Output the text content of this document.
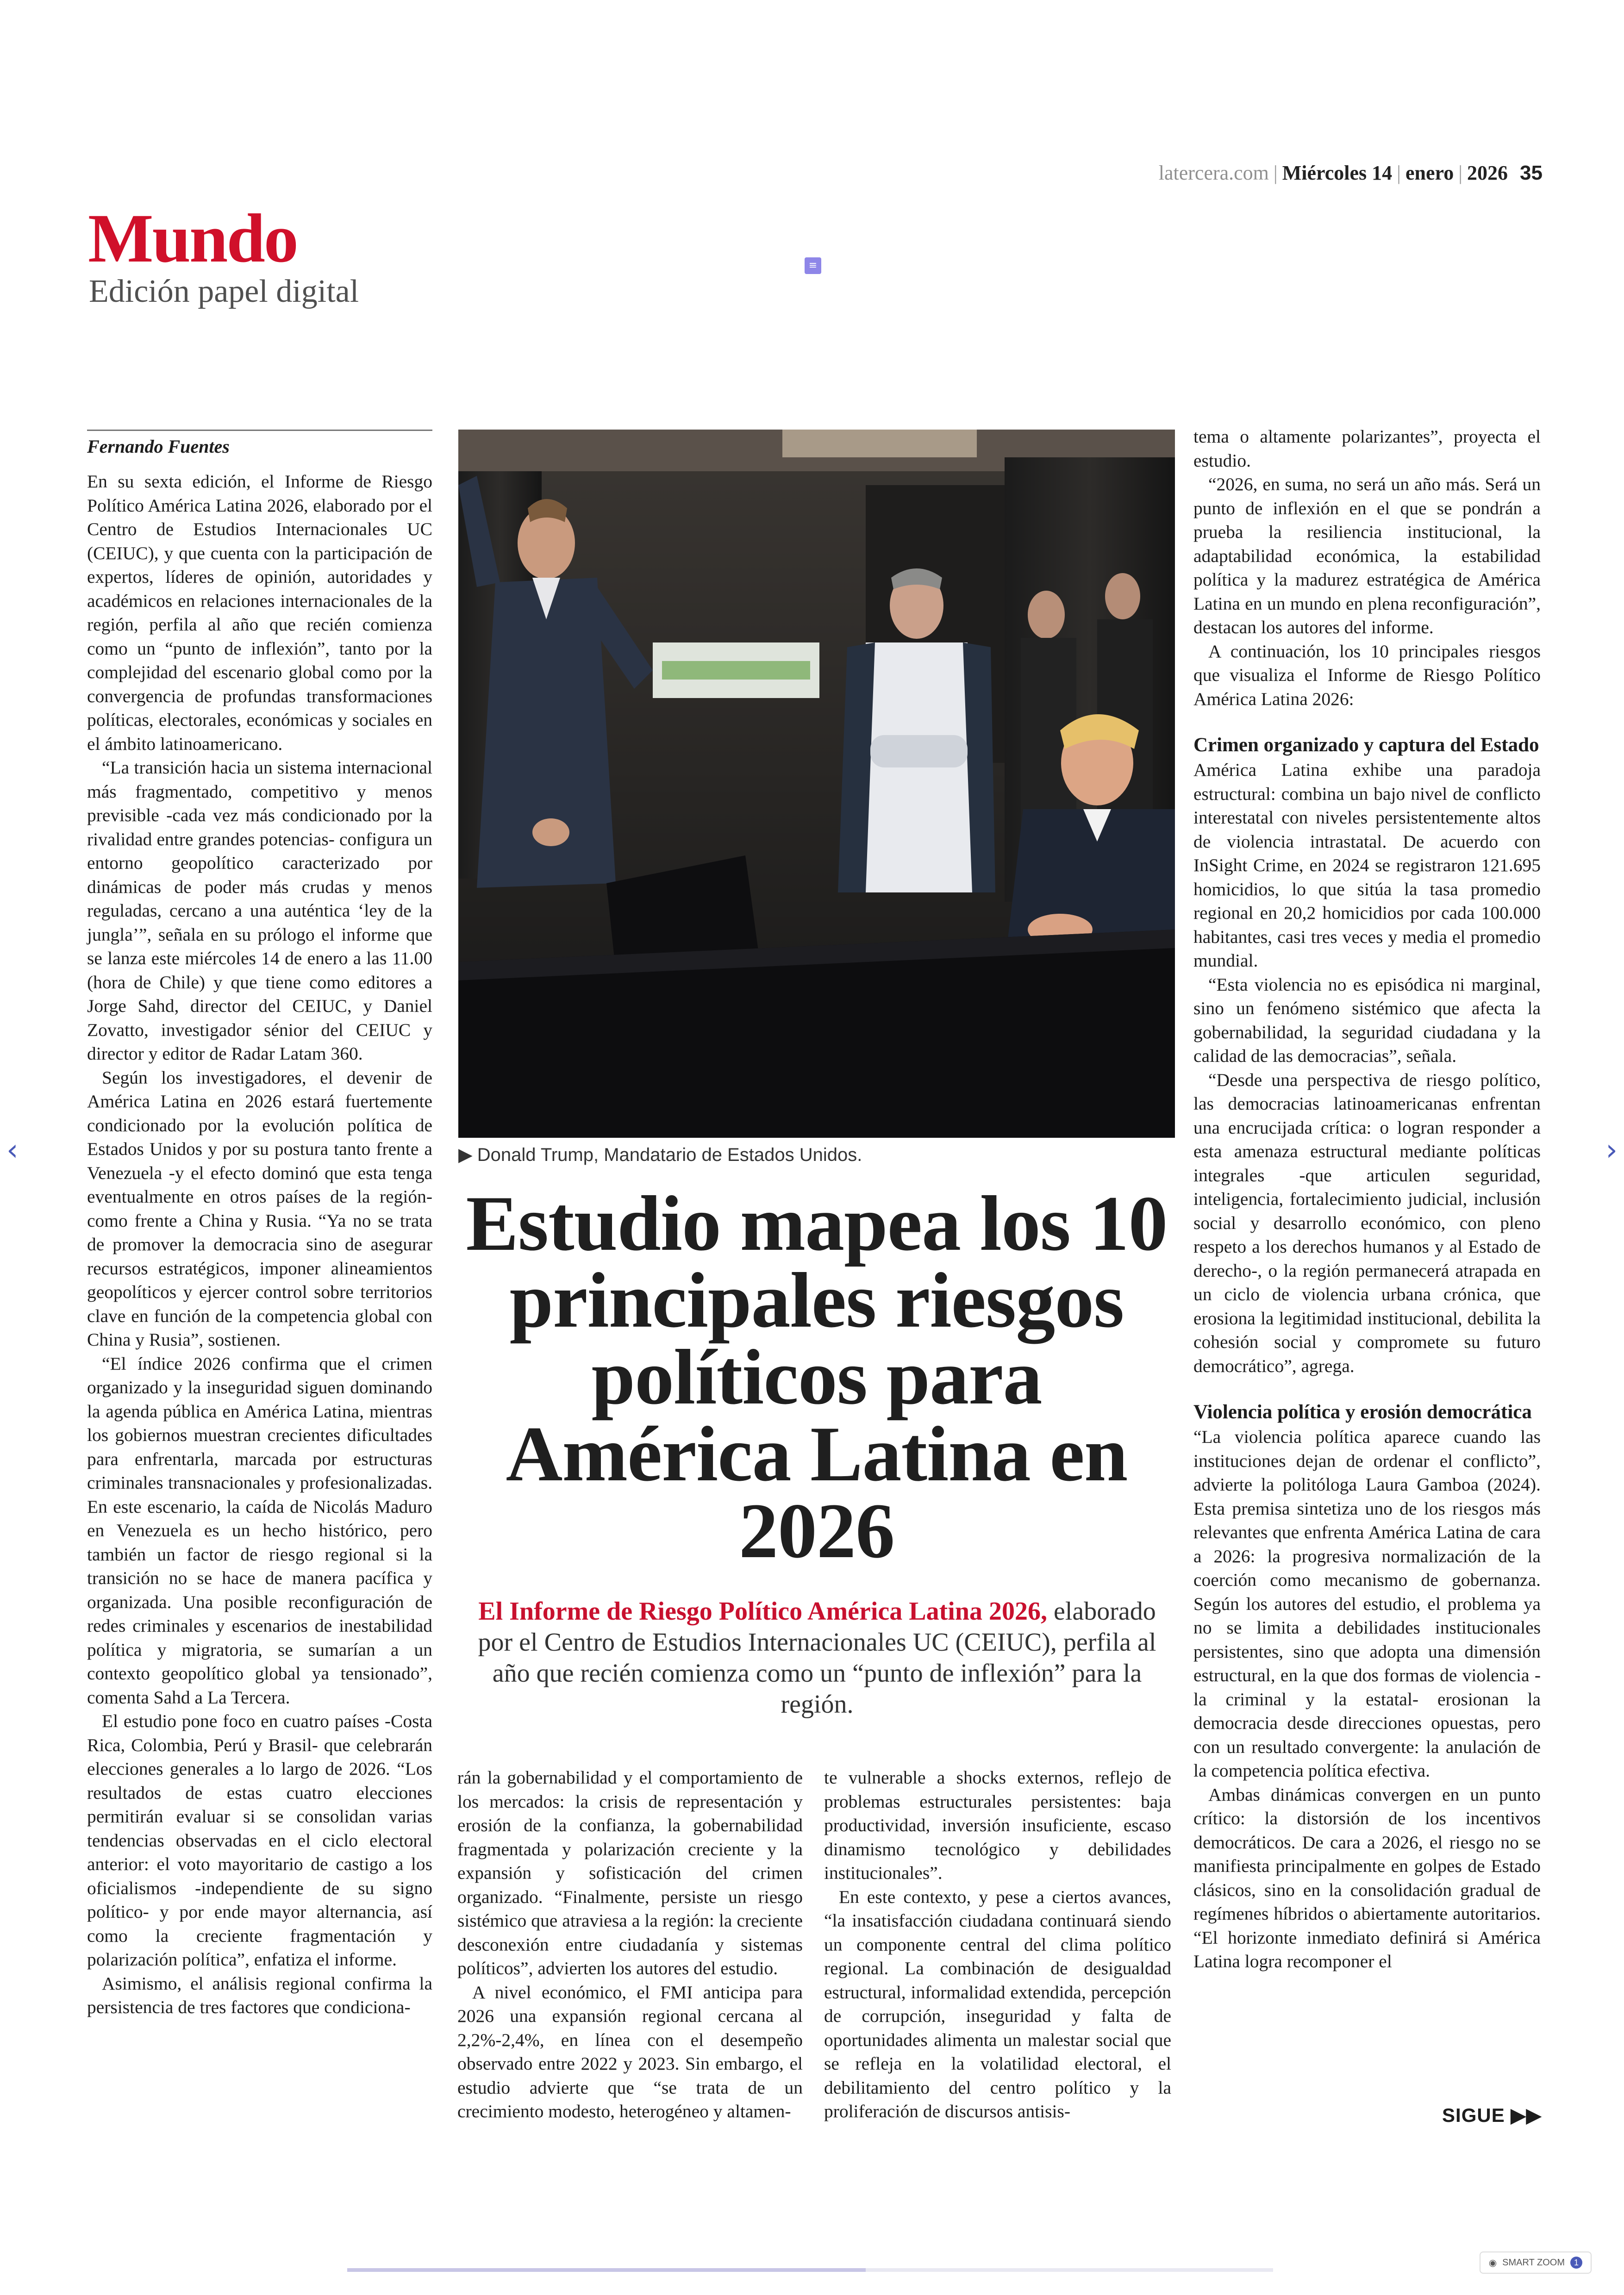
latercera.com | Miércoles 14 | enero | 2026 35
Mundo
Edición papel digital
≡
Fernando Fuentes

En su sexta edición, el Informe de Riesgo Político América Latina 2026, elaborado por el Centro de Estudios Internacionales UC (CEIUC), y que cuenta con la participación de expertos, líderes de opinión, autoridades y académicos en relaciones internacionales de la región, perfila al año que recién comienza como un “punto de inflexión”, tanto por la complejidad del escenario global como por la convergencia de profundas transformaciones políticas, electorales, económicas y sociales en el ámbito latinoamericano.

“La transición hacia un sistema internacional más fragmentado, competitivo y menos previsible -cada vez más condicionado por la rivalidad entre grandes potencias- configura un entorno geopolítico caracterizado por dinámicas de poder más crudas y menos reguladas, cercano a una auténtica ‘ley de la jungla’”, señala en su prólogo el informe que se lanza este miércoles 14 de enero a las 11.00 (hora de Chile) y que tiene como editores a Jorge Sahd, director del CEIUC, y Daniel Zovatto, investigador sénior del CEIUC y director y editor de Radar Latam 360.

Según los investigadores, el devenir de América Latina en 2026 estará fuertemente condicionado por la evolución política de Estados Unidos y por su postura tanto frente a Venezuela -y el efecto dominó que esta tenga eventualmente en otros países de la región- como frente a China y Rusia. “Ya no se trata de promover la democracia sino de asegurar recursos estratégicos, imponer alineamientos geopolíticos y ejercer control sobre territorios clave en función de la competencia global con China y Rusia”, sostienen.

“El índice 2026 confirma que el crimen organizado y la inseguridad siguen dominando la agenda pública en América Latina, mientras los gobiernos muestran crecientes dificultades para enfrentarla, marcada por estructuras criminales transnacionales y profesionalizadas. En este escenario, la caída de Nicolás Maduro en Venezuela es un hecho histórico, pero también un factor de riesgo regional si la transición no se hace de manera pacífica y organizada. Una posible reconfiguración de redes criminales y escenarios de inestabilidad política y migratoria, se sumarían a un contexto geopolítico global ya tensionado”, comenta Sahd a La Tercera.

El estudio pone foco en cuatro países -Costa Rica, Colombia, Perú y Brasil- que celebrarán elecciones generales a lo largo de 2026. “Los resultados de estas cuatro elecciones permitirán evaluar si se consolidan varias tendencias observadas en el ciclo electoral anterior: el voto mayoritario de castigo a los oficialismos -independiente de su signo político- y por ende mayor alternancia, así como la creciente fragmentación y polarización política”, enfatiza el informe.

Asimismo, el análisis regional confirma la persistencia de tres factores que condiciona-

▶ Donald Trump, Mandatario de Estados Unidos.
Estudio mapea los 10 principales riesgos políticos para América Latina en 2026
El Informe de Riesgo Político América Latina 2026, elaborado por el Centro de Estudios Internacionales UC (CEIUC), perfila al año que recién comienza como un “punto de inflexión” para la región.

rán la gobernabilidad y el comportamiento de los mercados: la crisis de representación y erosión de la confianza, la gobernabilidad fragmentada y polarización creciente y la expansión y sofisticación del crimen organizado. “Finalmente, persiste un riesgo sistémico que atraviesa a la región: la creciente desconexión entre ciudadanía y sistemas políticos”, advierten los autores del estudio.

A nivel económico, el FMI anticipa para 2026 una expansión regional cercana al 2,2%-2,4%, en línea con el desempeño observado entre 2022 y 2023. Sin embargo, el estudio advierte que “se trata de un crecimiento modesto, heterogéneo y altamen-

te vulnerable a shocks externos, reflejo de problemas estructurales persistentes: baja productividad, inversión insuficiente, escaso dinamismo tecnológico y debilidades institucionales”.

En este contexto, y pese a ciertos avances, “la insatisfacción ciudadana continuará siendo un componente central del clima político regional. La combinación de desigualdad estructural, informalidad extendida, percepción de corrupción, inseguridad y falta de oportunidades alimenta un malestar social que se refleja en la volatilidad electoral, el debilitamiento del centro político y la proliferación de discursos antisis-

tema o altamente polarizantes”, proyecta el estudio.

“2026, en suma, no será un año más. Será un punto de inflexión en el que se pondrán a prueba la resiliencia institucional, la adaptabilidad económica, la estabilidad política y la madurez estratégica de América Latina en un mundo en plena reconfiguración”, destacan los autores del informe.

A continuación, los 10 principales riesgos que visualiza el Informe de Riesgo Político América Latina 2026:

Crimen organizado y captura del Estado

América Latina exhibe una paradoja estructural: combina un bajo nivel de conflicto interestatal con niveles persistentemente altos de violencia intrastatal. De acuerdo con InSight Crime, en 2024 se registraron 121.695 homicidios, lo que sitúa la tasa promedio regional en 20,2 homicidios por cada 100.000 habitantes, casi tres veces y media el promedio mundial.

“Esta violencia no es episódica ni marginal, sino un fenómeno sistémico que afecta la gobernabilidad, la seguridad ciudadana y la calidad de las democracias”, señala.

“Desde una perspectiva de riesgo político, las democracias latinoamericanas enfrentan una encrucijada crítica: o logran responder a esta amenaza estructural mediante políticas integrales -que articulen seguridad, inteligencia, fortalecimiento judicial, inclusión social y desarrollo económico, con pleno respeto a los derechos humanos y al Estado de derecho-, o la región permanecerá atrapada en un ciclo de violencia urbana crónica, que erosiona la legitimidad institucional, debilita la cohesión social y compromete su futuro democrático”, agrega.

Violencia política y erosión democrática

“La violencia política aparece cuando las instituciones dejan de ordenar el conflicto”, advierte la politóloga Laura Gamboa (2024). Esta premisa sintetiza uno de los riesgos más relevantes que enfrenta América Latina de cara a 2026: la progresiva normalización de la coerción como mecanismo de gobernanza. Según los autores del estudio, el problema ya no se limita a debilidades institucionales persistentes, sino que adopta una dimensión estructural, en la que dos formas de violencia -la criminal y la estatal- erosionan la democracia desde direcciones opuestas, pero con un resultado convergente: la anulación de la competencia política efectiva.

Ambas dinámicas convergen en un punto crítico: la distorsión de los incentivos democráticos. De cara a 2026, el riesgo no se manifiesta principalmente en golpes de Estado clásicos, sino en la consolidación gradual de regímenes híbridos o abiertamente autoritarios. “El horizonte inmediato definirá si América Latina logra recomponer el

SIGUE ▶▶
‹	›
◉ SMART ZOOM	1
